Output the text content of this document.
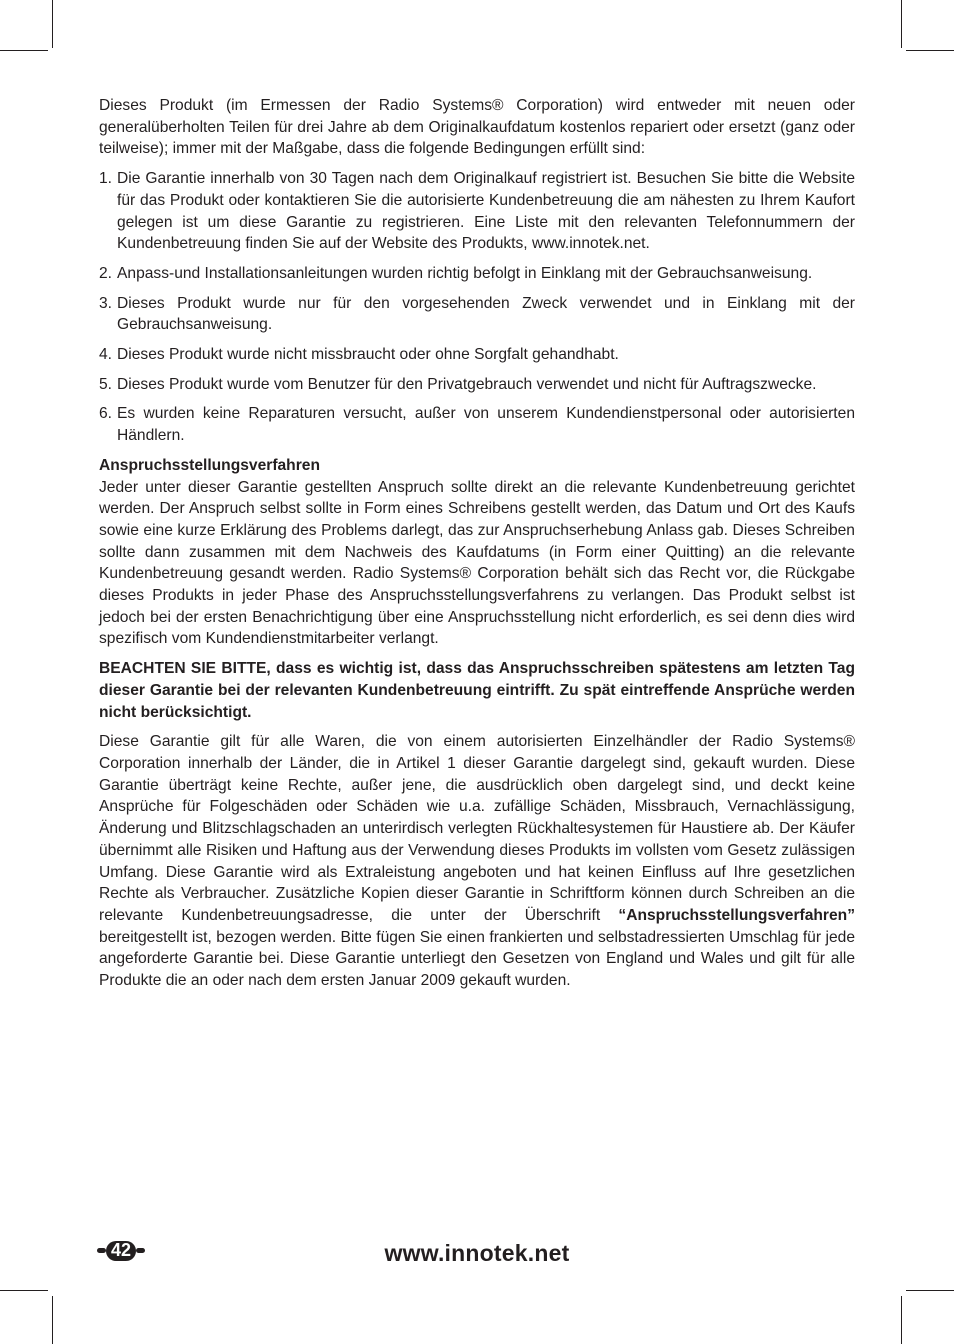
Dieses Produkt (im Ermessen der Radio Systems® Corporation) wird entweder mit neuen oder generalüberholten Teilen für drei Jahre ab dem Originalkaufdatum kostenlos repariert oder ersetzt (ganz oder teilweise); immer mit der Maßgabe, dass die folgende Bedingungen erfüllt sind:

1. Die Garantie innerhalb von 30 Tagen nach dem Originalkauf registriert ist. Besuchen Sie bitte die Website für das Produkt oder kontaktieren Sie die autorisierte Kundenbetreuung die am nähesten zu Ihrem Kaufort gelegen ist um diese Garantie zu registrieren. Eine Liste mit den relevanten Telefonnummern der Kundenbetreuung finden Sie auf der Website des Produkts, www.innotek.net.
2. Anpass-und Installationsanleitungen wurden richtig befolgt in Einklang mit der Gebrauchsanweisung.
3. Dieses Produkt wurde nur für den vorgesehenden Zweck verwendet und in Einklang mit der Gebrauchsanweisung.
4. Dieses Produkt wurde nicht missbraucht oder ohne Sorgfalt gehandhabt.
5. Dieses Produkt wurde vom Benutzer für den Privatgebrauch verwendet und nicht für Auftragszwecke.
6. Es wurden keine Reparaturen versucht, außer von unserem Kundendienstpersonal oder autorisierten Händlern.

Anspruchsstellungsverfahren
Jeder unter dieser Garantie gestellten Anspruch sollte direkt an die relevante Kundenbetreuung gerichtet werden. Der Anspruch selbst sollte in Form eines Schreibens gestellt werden, das Datum und Ort des Kaufs sowie eine kurze Erklärung des Problems darlegt, das zur Anspruchserhebung Anlass gab. Dieses Schreiben sollte dann zusammen mit dem Nachweis des Kaufdatums (in Form einer Quitting) an die relevante Kundenbetreuung gesandt werden. Radio Systems® Corporation behält sich das Recht vor, die Rückgabe dieses Produkts in jeder Phase des Anspruchsstellungsverfahrens zu verlangen. Das Produkt selbst ist jedoch bei der ersten Benachrichtigung über eine Anspruchsstellung nicht erforderlich, es sei denn dies wird spezifisch vom Kundendienstmitarbeiter verlangt.

BEACHTEN SIE BITTE, dass es wichtig ist, dass das Anspruchsschreiben spätestens am letzten Tag dieser Garantie bei der relevanten Kundenbetreuung eintrifft. Zu spät eintreffende Ansprüche werden nicht berücksichtigt.

Diese Garantie gilt für alle Waren, die von einem autorisierten Einzelhändler der Radio Systems® Corporation innerhalb der Länder, die in Artikel 1 dieser Garantie dargelegt sind, gekauft wurden. Diese Garantie überträgt keine Rechte, außer jene, die ausdrücklich oben dargelegt sind, und deckt keine Ansprüche für Folgeschäden oder Schäden wie u.a. zufällige Schäden, Missbrauch, Vernachlässigung, Änderung und Blitzschlagschaden an unterirdisch verlegten Rückhaltesystemen für Haustiere ab. Der Käufer übernimmt alle Risiken und Haftung aus der Verwendung dieses Produkts im vollsten vom Gesetz zulässigen Umfang. Diese Garantie wird als Extraleistung angeboten und hat keinen Einfluss auf Ihre gesetzlichen Rechte als Verbraucher. Zusätzliche Kopien dieser Garantie in Schriftform können durch Schreiben an die relevante Kundenbetreuungsadresse, die unter der Überschrift “Anspruchsstellungsverfahren” bereitgestellt ist, bezogen werden. Bitte fügen Sie einen frankierten und selbstadressierten Umschlag für jede angeforderte Garantie bei. Diese Garantie unterliegt den Gesetzen von England und Wales und gilt für alle Produkte die an oder nach dem ersten Januar 2009 gekauft wurden.

42	www.innotek.net
